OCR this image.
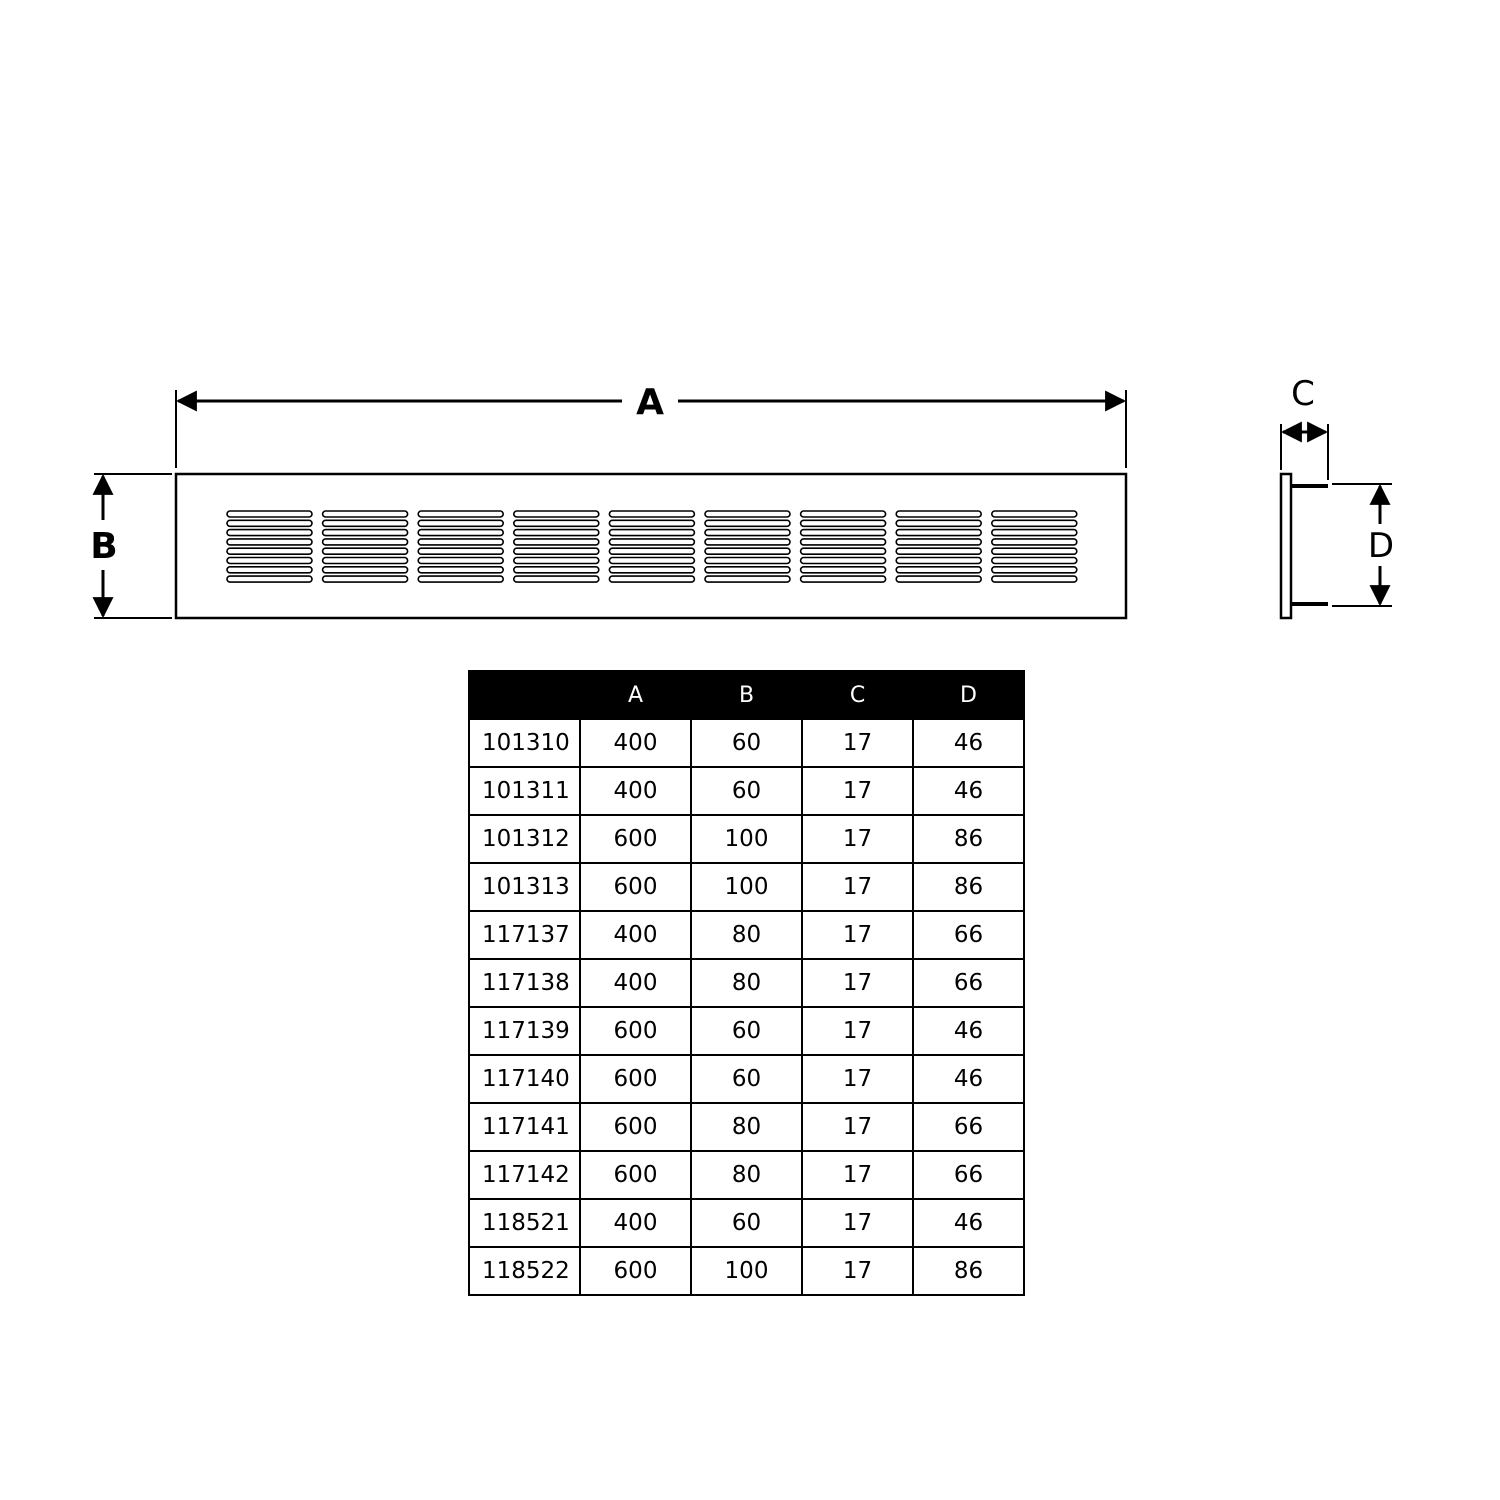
A
B
C
D
	A	B	C	D
101310	400	60	17	46
101311	400	60	17	46
101312	600	100	17	86
101313	600	100	17	86
117137	400	80	17	66
117138	400	80	17	66
117139	600	60	17	46
117140	600	60	17	46
117141	600	80	17	66
117142	600	80	17	66
118521	400	60	17	46
118522	600	100	17	86
